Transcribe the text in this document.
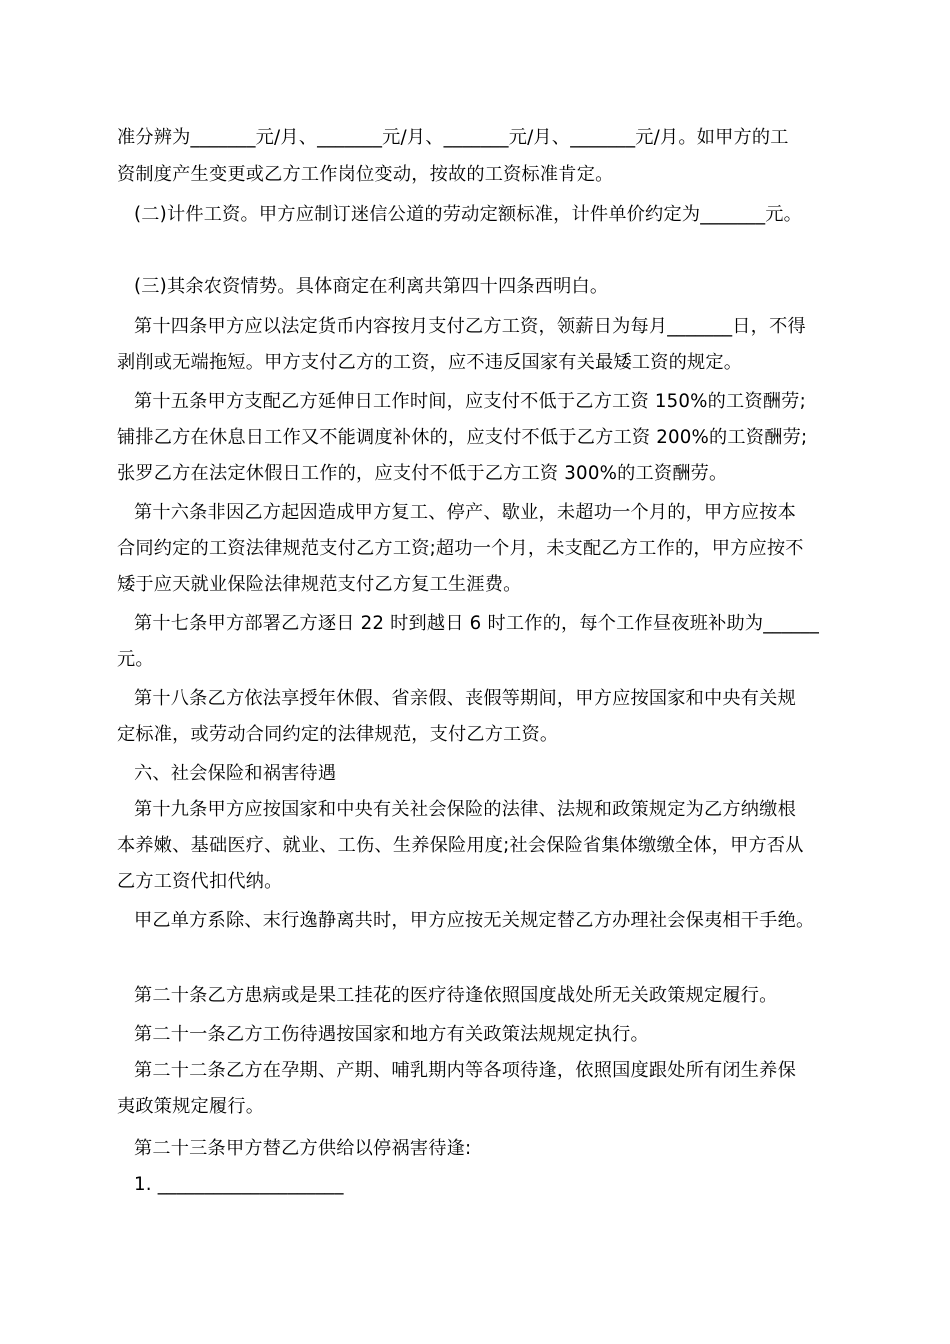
准分辨为_______元/月、_______元/月、_______元/月、_______元/月。如甲方的工
资制度产生变更或乙方工作岗位变动，按故的工资标准肯定。
(二)计件工资。甲方应制订迷信公道的劳动定额标准，计件单价约定为_______元。
(三)其余农资情势。具体商定在利离共第四十四条西明白。
第十四条甲方应以法定货币内容按月支付乙方工资，领薪日为每月_______日，不得
剥削或无端拖短。甲方支付乙方的工资，应不违反国家有关最矮工资的规定。
第十五条甲方支配乙方延伸日工作时间，应支付不低于乙方工资 150%的工资酬劳;
铺排乙方在休息日工作又不能调度补休的，应支付不低于乙方工资 200%的工资酬劳;
张罗乙方在法定休假日工作的，应支付不低于乙方工资 300%的工资酬劳。
第十六条非因乙方起因造成甲方复工、停产、歇业，未超功一个月的，甲方应按本
合同约定的工资法律规范支付乙方工资;超功一个月，未支配乙方工作的，甲方应按不
矮于应天就业保险法律规范支付乙方复工生涯费。
第十七条甲方部署乙方逐日 22 时到越日 6 时工作的，每个工作昼夜班补助为______
元。
第十八条乙方依法享授年休假、省亲假、丧假等期间，甲方应按国家和中央有关规
定标准，或劳动合同约定的法律规范，支付乙方工资。
六、社会保险和祸害待遇
第十九条甲方应按国家和中央有关社会保险的法律、法规和政策规定为乙方纳缴根
本养嫩、基础医疗、就业、工伤、生养保险用度;社会保险省集体缴缴全体，甲方否从
乙方工资代扣代纳。
甲乙单方系除、末行逸静离共时，甲方应按无关规定替乙方办理社会保夷相干手绝。
第二十条乙方患病或是果工挂花的医疗待逢依照国度战处所无关政策规定履行。
第二十一条乙方工伤待遇按国家和地方有关政策法规规定执行。
第二十二条乙方在孕期、产期、哺乳期内等各项待逢，依照国度跟处所有闭生养保
夷政策规定履行。
第二十三条甲方替乙方供给以停祸害待逢:
1. ____________________
